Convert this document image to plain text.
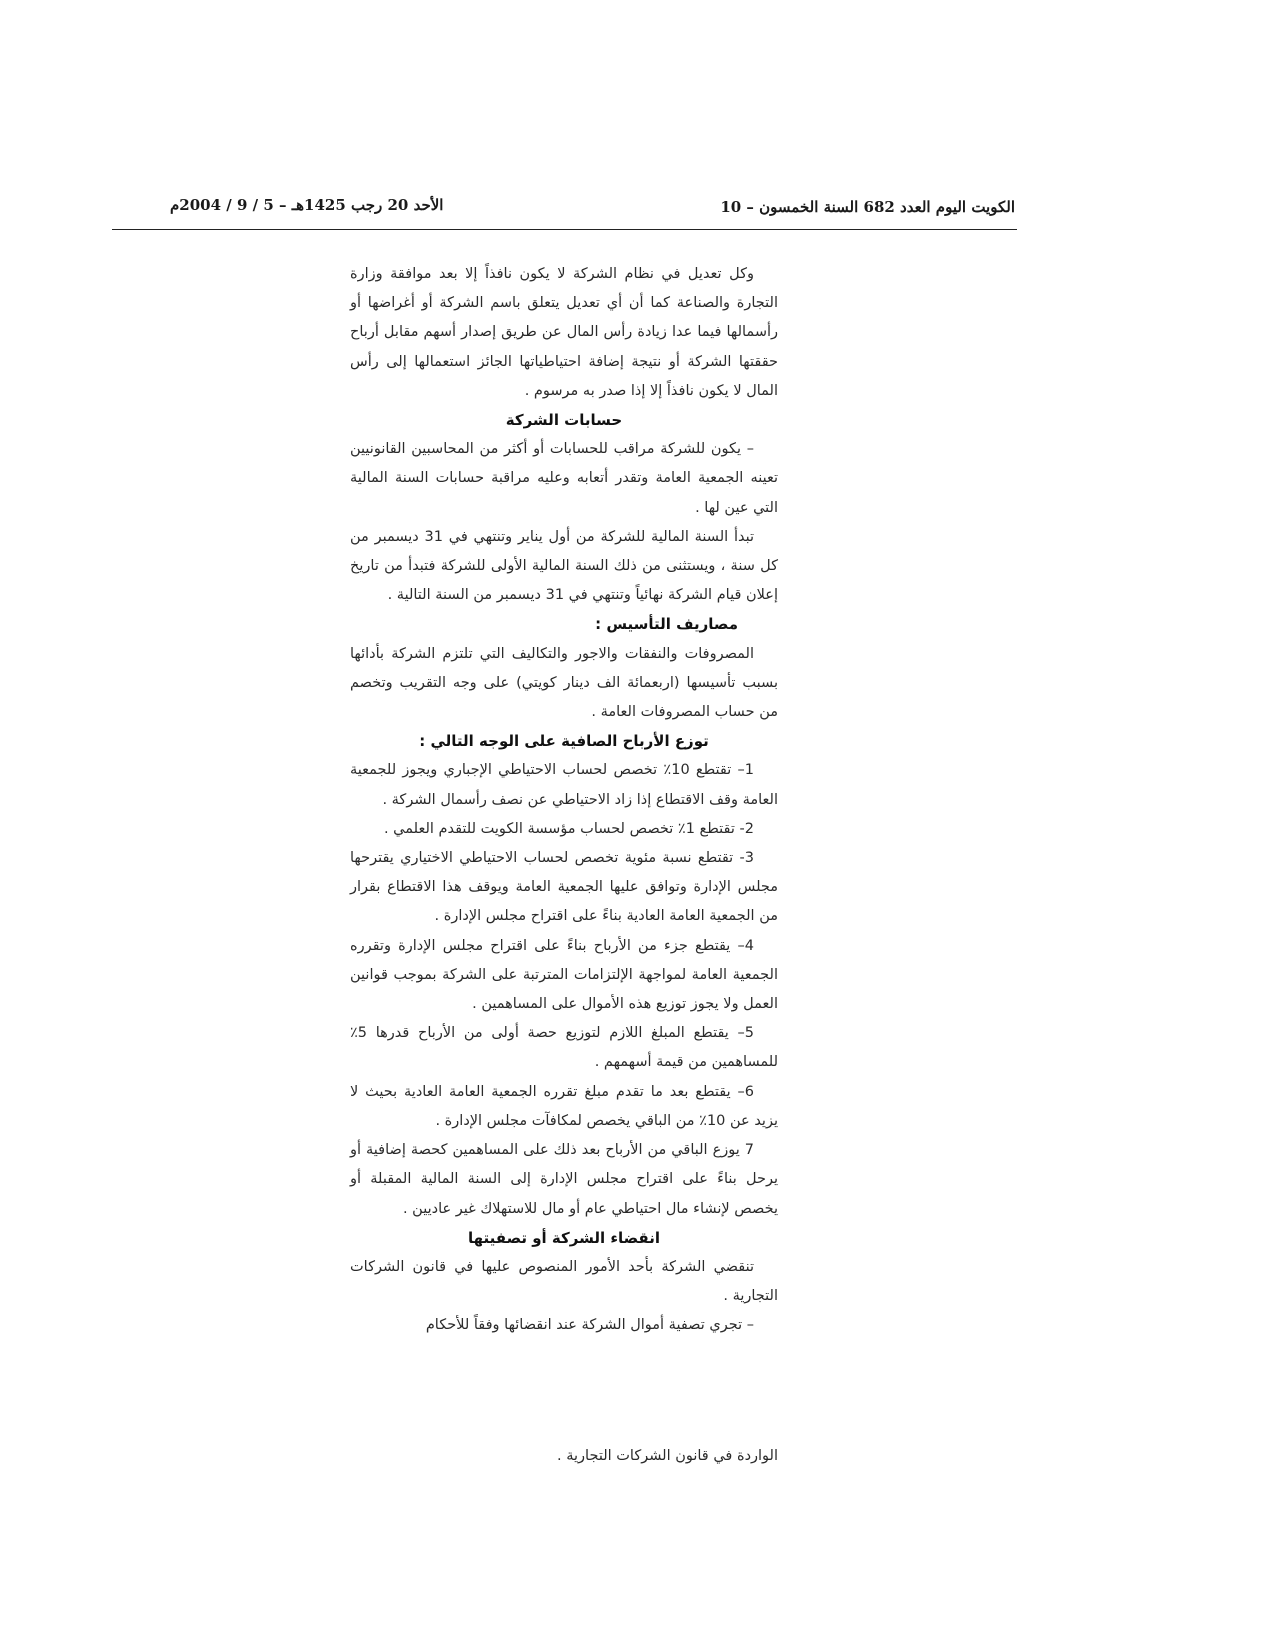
الكويت اليوم العدد 682 السنة الخمسون – 10
الأحد 20 رجب 1425هـ – 5 / 9 / 2004م

وكل تعديل في نظام الشركة لا يكون نافذاً إلا بعد موافقة وزارة التجارة والصناعة كما أن أي تعديل يتعلق باسم الشركة أو أغراضها أو رأسمالها فيما عدا زيادة رأس المال عن طريق إصدار أسهم مقابل أرباح حققتها الشركة أو نتيجة إضافة احتياطياتها الجائز استعمالها إلى رأس المال لا يكون نافذاً إلا إذا صدر به مرسوم .

حسابات الشركة

– يكون للشركة مراقب للحسابات أو أكثر من المحاسبين القانونيين تعينه الجمعية العامة وتقدر أتعابه وعليه مراقبة حسابات السنة المالية التي عين لها .

تبدأ السنة المالية للشركة من أول يناير وتنتهي في 31 ديسمبر من كل سنة ، ويستثنى من ذلك السنة المالية الأولى للشركة فتبدأ من تاريخ إعلان قيام الشركة نهائياً وتنتهي في 31 ديسمبر من السنة التالية .

مصاريف التأسيس :

المصروفات والنفقات والاجور والتكاليف التي تلتزم الشركة بأدائها بسبب تأسيسها (اربعمائة الف دينار كويتي) على وجه التقريب وتخصم من حساب المصروفات العامة .

توزع الأرباح الصافية على الوجه التالي :

1– تقتطع 10٪ تخصص لحساب الاحتياطي الإجباري ويجوز للجمعية العامة وقف الاقتطاع إذا زاد الاحتياطي عن نصف رأسمال الشركة .

2- تقتطع 1٪ تخصص لحساب مؤسسة الكويت للتقدم العلمي .

3- تقتطع نسبة مئوية تخصص لحساب الاحتياطي الاختياري يقترحها مجلس الإدارة وتوافق عليها الجمعية العامة ويوقف هذا الاقتطاع بقرار من الجمعية العامة العادية بناءً على اقتراح مجلس الإدارة .

4– يقتطع جزء من الأرباح بناءً على اقتراح مجلس الإدارة وتقرره الجمعية العامة لمواجهة الإلتزامات المترتبة على الشركة بموجب قوانين العمل ولا يجوز توزيع هذه الأموال على المساهمين .

5– يقتطع المبلغ اللازم لتوزيع حصة أولى من الأرباح قدرها 5٪ للمساهمين من قيمة أسهمهم .

6– يقتطع بعد ما تقدم مبلغ تقرره الجمعية العامة العادية بحيث لا يزيد عن 10٪ من الباقي يخصص لمكافآت مجلس الإدارة .

7 يوزع الباقي من الأرباح بعد ذلك على المساهمين كحصة إضافية أو يرحل بناءً على اقتراح مجلس الإدارة إلى السنة المالية المقبلة أو يخصص لإنشاء مال احتياطي عام أو مال للاستهلاك غير عاديين .

انقضاء الشركة أو تصفيتها

تنقضي الشركة بأحد الأمور المنصوص عليها في قانون الشركات التجارية .

– تجري تصفية أموال الشركة عند انقضائها وفقاً للأحكام

الواردة في قانون الشركات التجارية .
